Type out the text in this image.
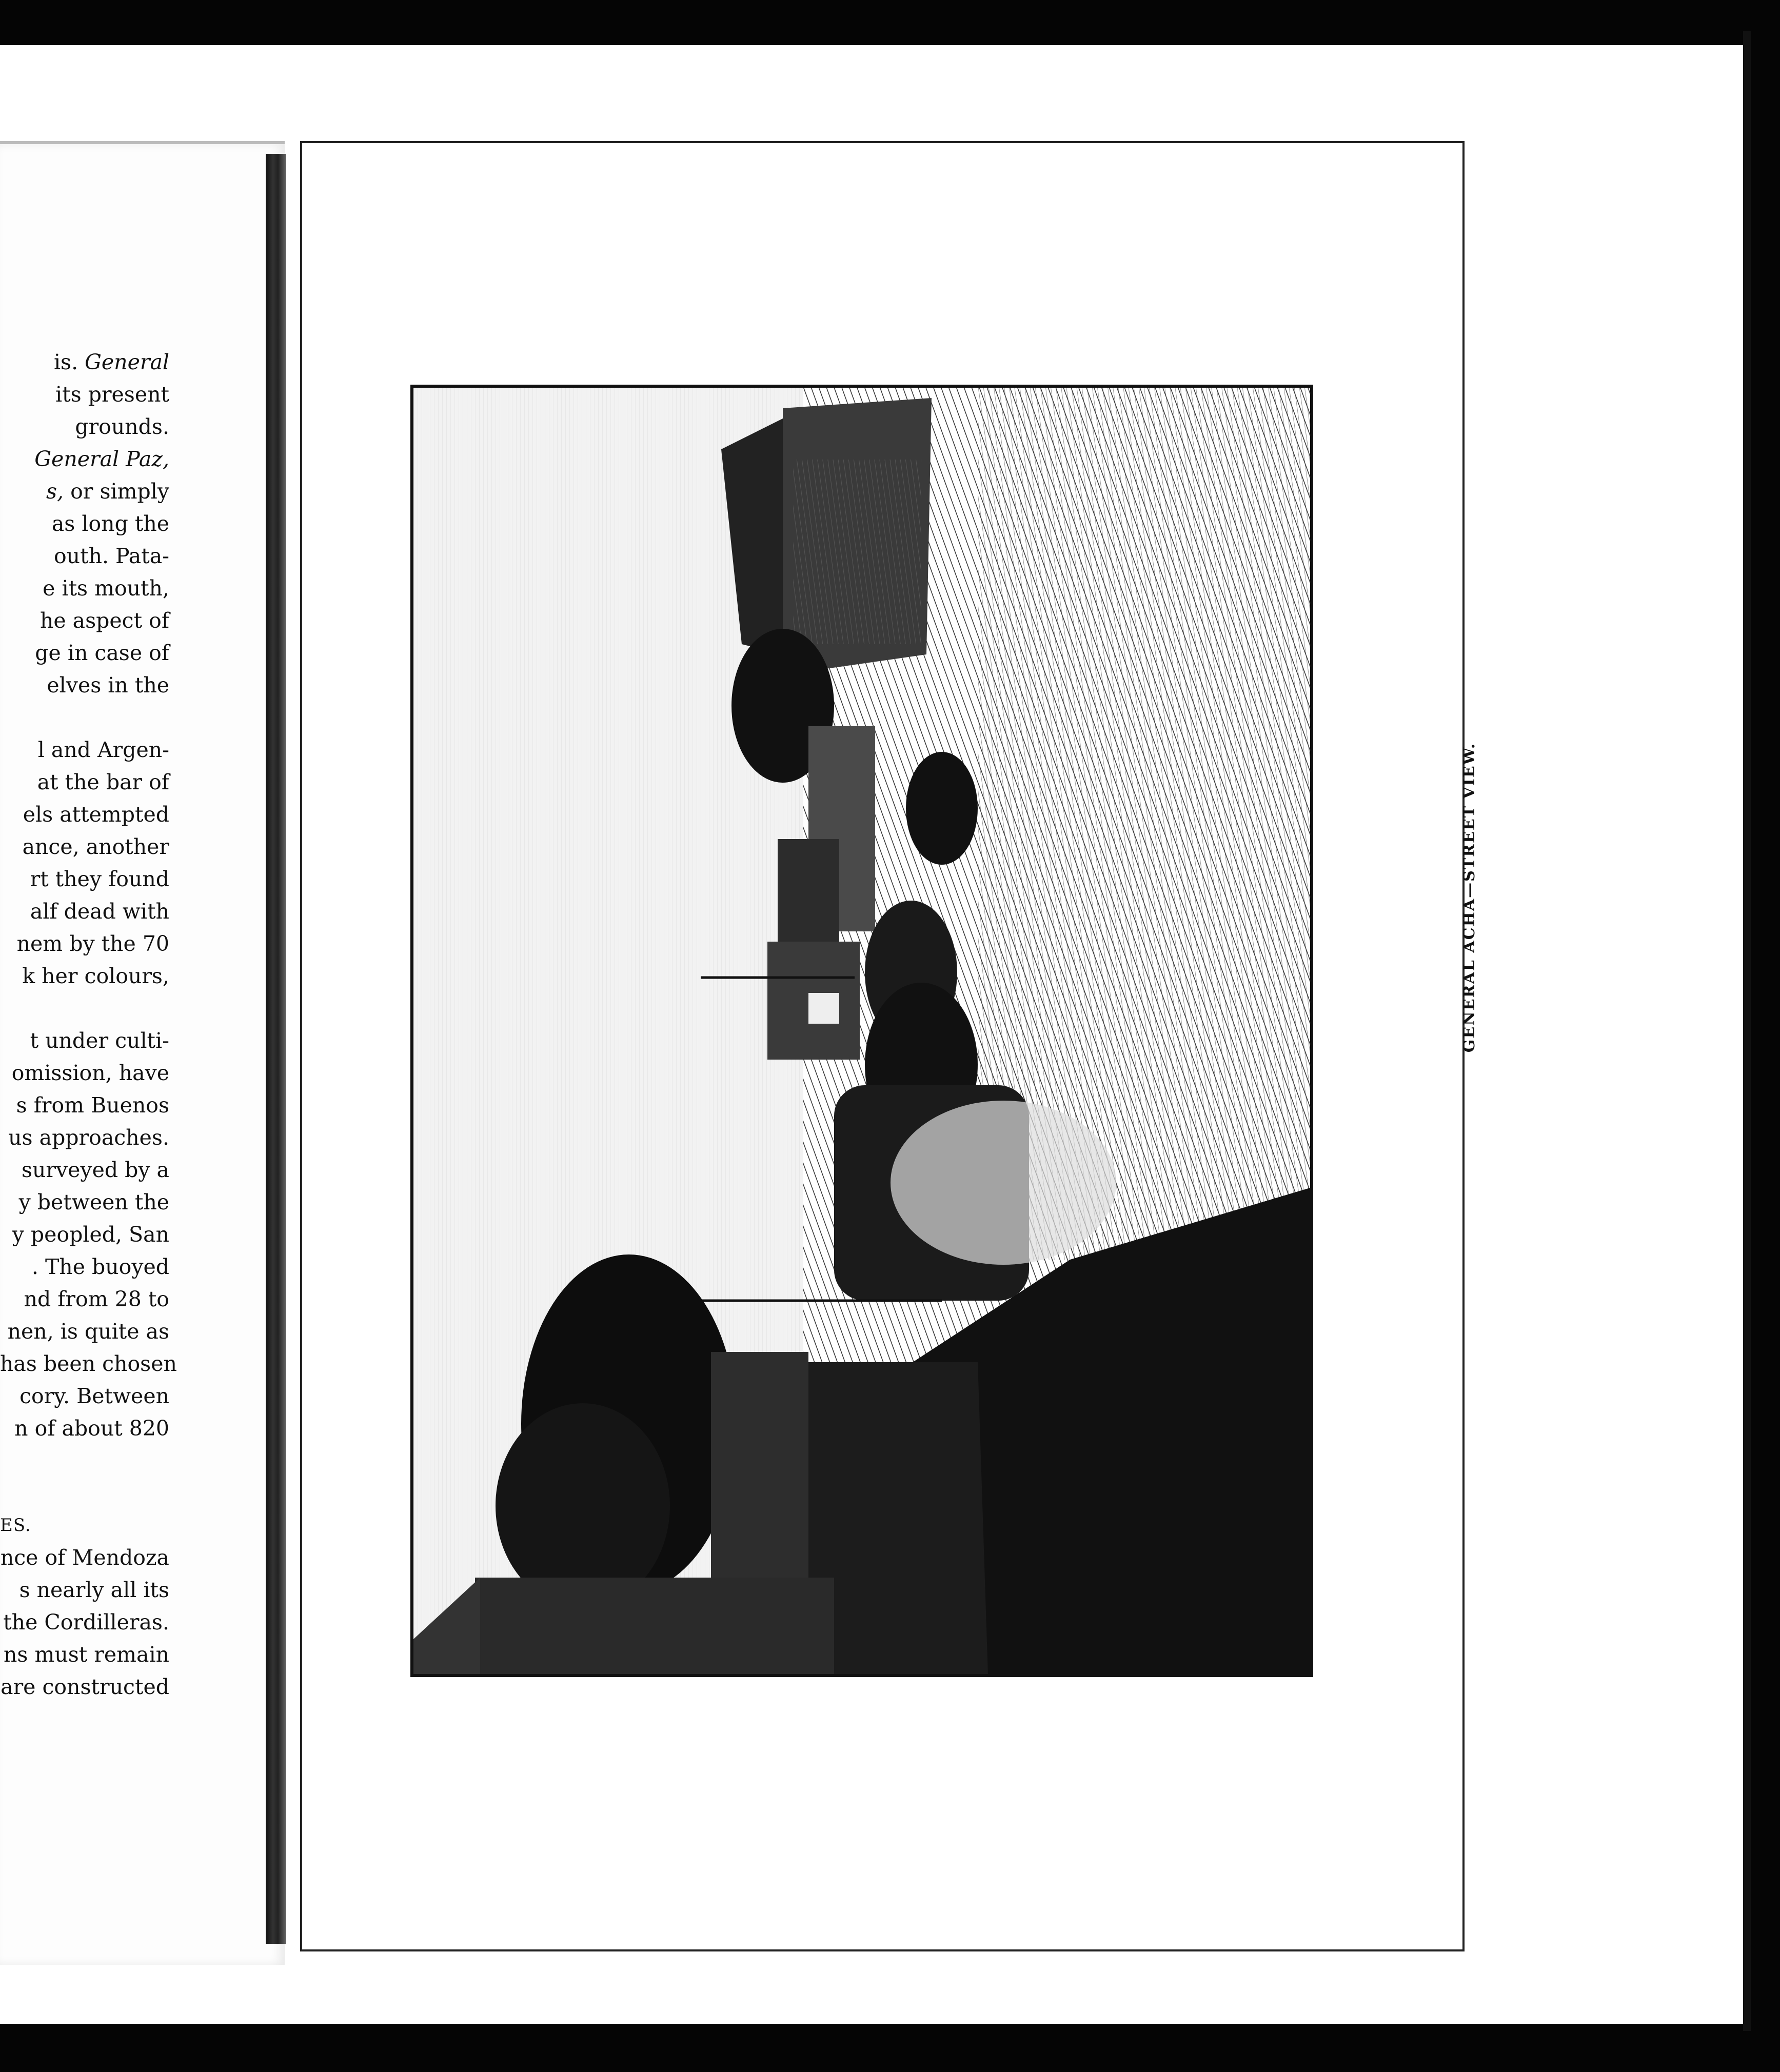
is. General
its present
grounds.
General Paz,
s, or simply
as long the
outh. Pata-
e its mouth,
he aspect of
ge in case of
elves in the
l and Argen-
at the bar of
els attempted
ance, another
rt they found
alf dead with
nem by the 70
k her colours,
t under culti-
omission, have
s from Buenos
us approaches.
surveyed by a
y between the
y peopled, San
. The buoyed
nd from 28 to
nen, is quite as
has been chosen
cory. Between
n of about 820
ES.
nce of Mendoza
s nearly all its
the Cordilleras.
ns must remain
are constructed
GENERAL ACHA—STREET VIEW.
